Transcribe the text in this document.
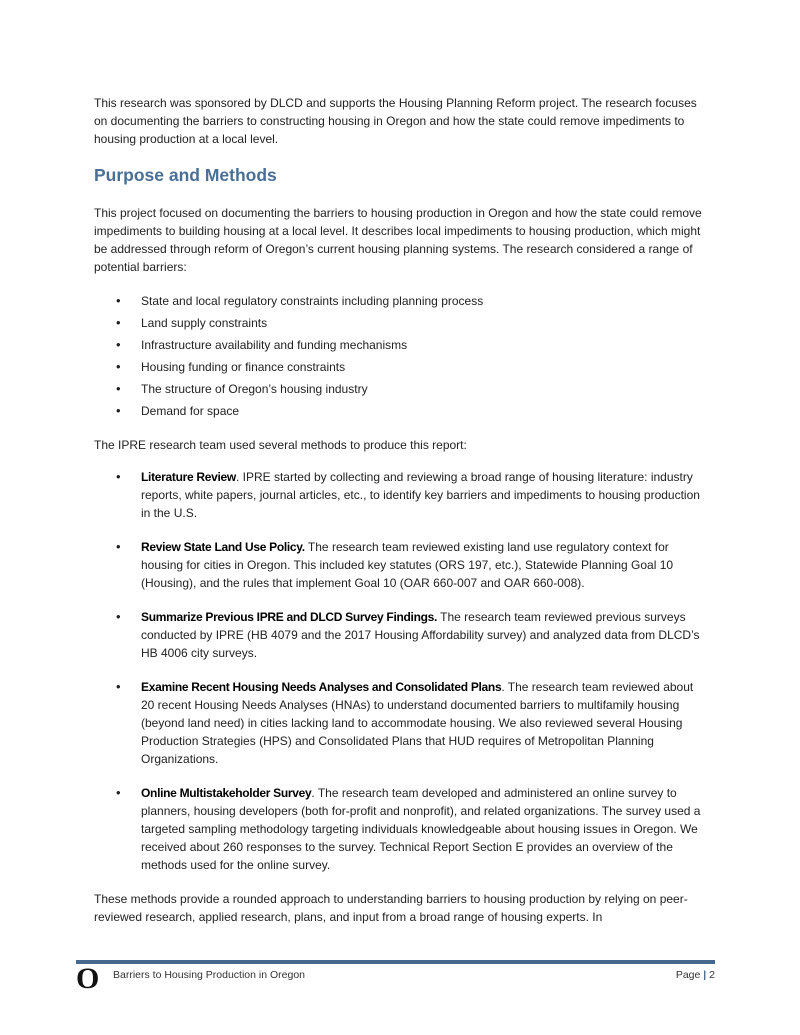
This research was sponsored by DLCD and supports the Housing Planning Reform project. The research focuses on documenting the barriers to constructing housing in Oregon and how the state could remove impediments to housing production at a local level.

Purpose and Methods

This project focused on documenting the barriers to housing production in Oregon and how the state could remove impediments to building housing at a local level. It describes local impediments to housing production, which might be addressed through reform of Oregon’s current housing planning systems. The research considered a range of potential barriers:

• State and local regulatory constraints including planning process
• Land supply constraints
• Infrastructure availability and funding mechanisms
• Housing funding or finance constraints
• The structure of Oregon’s housing industry
• Demand for space

The IPRE research team used several methods to produce this report:

• Literature Review. IPRE started by collecting and reviewing a broad range of housing literature: industry reports, white papers, journal articles, etc., to identify key barriers and impediments to housing production in the U.S.
• Review State Land Use Policy. The research team reviewed existing land use regulatory context for housing for cities in Oregon. This included key statutes (ORS 197, etc.), Statewide Planning Goal 10 (Housing), and the rules that implement Goal 10 (OAR 660-007 and OAR 660-008).
• Summarize Previous IPRE and DLCD Survey Findings. The research team reviewed previous surveys conducted by IPRE (HB 4079 and the 2017 Housing Affordability survey) and analyzed data from DLCD’s HB 4006 city surveys.
• Examine Recent Housing Needs Analyses and Consolidated Plans. The research team reviewed about 20 recent Housing Needs Analyses (HNAs) to understand documented barriers to multifamily housing (beyond land need) in cities lacking land to accommodate housing. We also reviewed several Housing Production Strategies (HPS) and Consolidated Plans that HUD requires of Metropolitan Planning Organizations.
• Online Multistakeholder Survey. The research team developed and administered an online survey to planners, housing developers (both for-profit and nonprofit), and related organizations. The survey used a targeted sampling methodology targeting individuals knowledgeable about housing issues in Oregon. We received about 260 responses to the survey. Technical Report Section E provides an overview of the methods used for the online survey.

These methods provide a rounded approach to understanding barriers to housing production by relying on peer-reviewed research, applied research, plans, and input from a broad range of housing experts. In

O Barriers to Housing Production in Oregon	Page | 2
